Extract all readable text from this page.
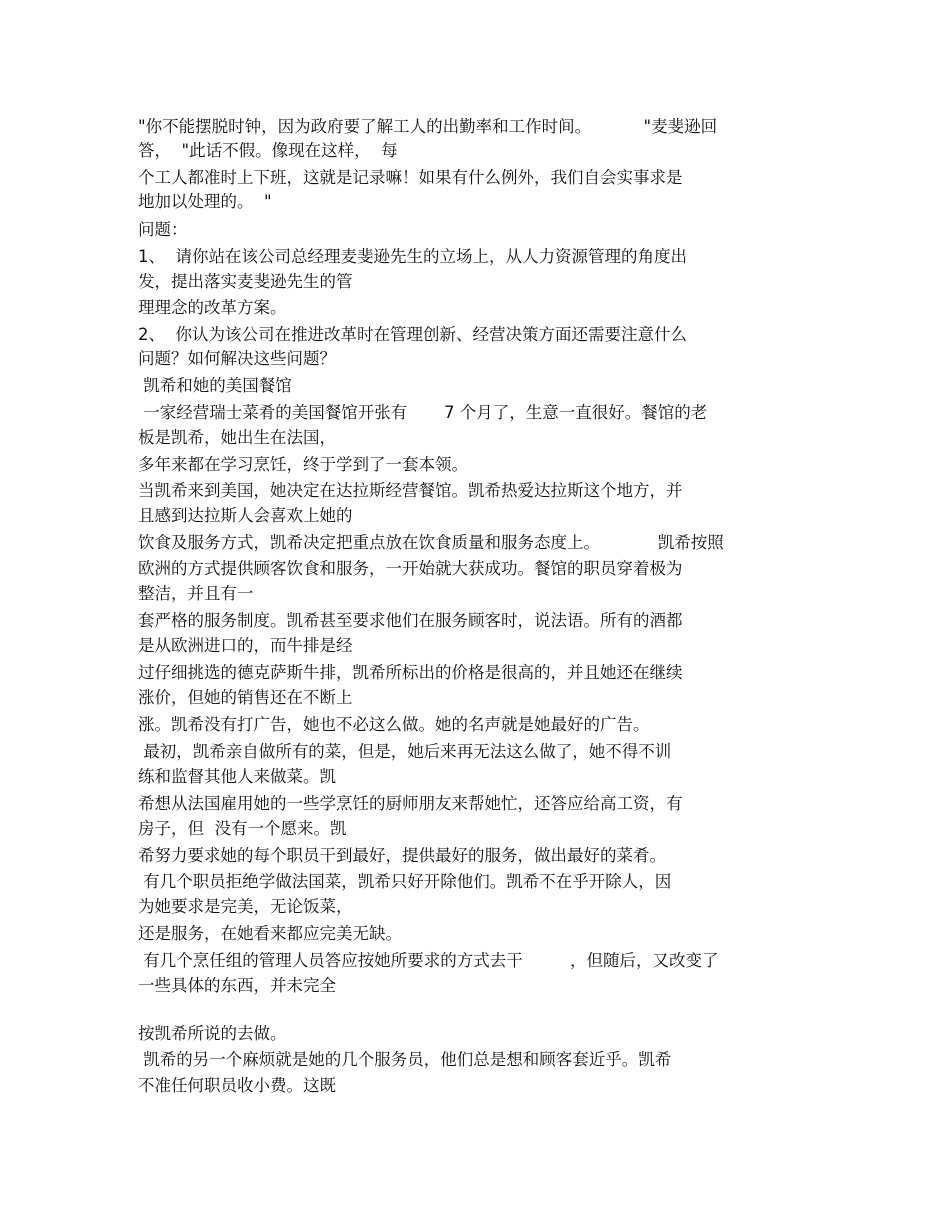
"你不能摆脱时钟，因为政府要了解工人的出勤率和工作时间。          "麦斐逊回
答，  "此话不假。像现在这样，  每
个工人都准时上下班，这就是记录嘛！如果有什么例外，我们自会实事求是
地加以处理的。  "
问题：
1、  请你站在该公司总经理麦斐逊先生的立场上，从人力资源管理的角度出
发，提出落实麦斐逊先生的管
理理念的改革方案。
2、  你认为该公司在推进改革时在管理创新、经营决策方面还需要注意什么
问题？如何解决这些问题？
凯希和她的美国餐馆
一家经营瑞士菜肴的美国餐馆开张有       7 个月了，生意一直很好。餐馆的老
板是凯希，她出生在法国，
多年来都在学习烹饪，终于学到了一套本领。
当凯希来到美国，她决定在达拉斯经营餐馆。凯希热爱达拉斯这个地方，并
且感到达拉斯人会喜欢上她的
饮食及服务方式，凯希决定把重点放在饮食质量和服务态度上。           凯希按照
欧洲的方式提供顾客饮食和服务，一开始就大获成功。餐馆的职员穿着极为
整洁，并且有一
套严格的服务制度。凯希甚至要求他们在服务顾客时，说法语。所有的酒都
是从欧洲进口的，而牛排是经
过仔细挑选的德克萨斯牛排，凯希所标出的价格是很高的，并且她还在继续
涨价，但她的销售还在不断上
涨。凯希没有打广告，她也不必这么做。她的名声就是她最好的广告。
最初，凯希亲自做所有的菜，但是，她后来再无法这么做了，她不得不训
练和监督其他人来做菜。凯
希想从法国雇用她的一些学烹饪的厨师朋友来帮她忙，还答应给高工资，有
房子，但  没有一个愿来。凯
希努力要求她的每个职员干到最好，提供最好的服务，做出最好的菜肴。
有几个职员拒绝学做法国菜，凯希只好开除他们。凯希不在乎开除人，因
为她要求是完美，无论饭菜，
还是服务，在她看来都应完美无缺。
有几个烹任组的管理人员答应按她所要求的方式去干         ，但随后，又改变了
一些具体的东西，并未完全
按凯希所说的去做。
凯希的另一个麻烦就是她的几个服务员，他们总是想和顾客套近乎。凯希
不准任何职员收小费。这既
